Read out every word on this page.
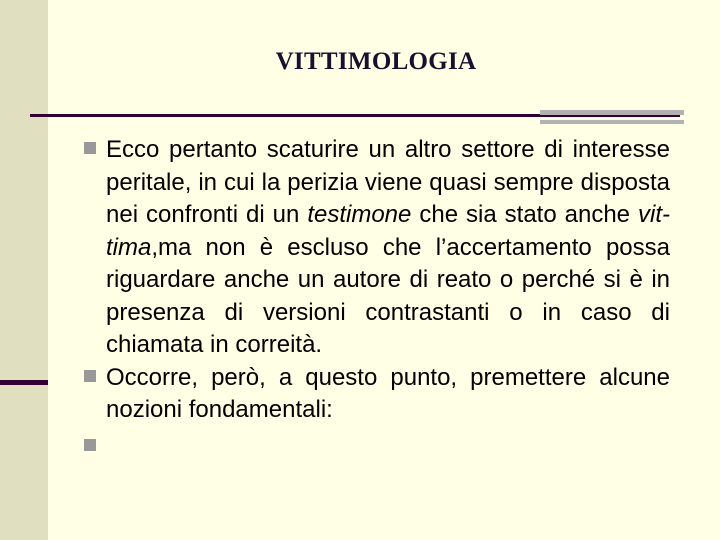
VITTIMOLOGIA
Ecco pertanto scaturire un altro settore di interesse peritale, in cui la perizia viene quasi sempre disposta nei confronti di un testimone che sia stato anche vit-tima,ma non è escluso che l’accertamento possa riguardare anche un autore di reato o perché si è in presenza di versioni contrastanti o in caso di chiamata in correità.
Occorre, però, a questo punto, premettere alcune nozioni fondamentali:
